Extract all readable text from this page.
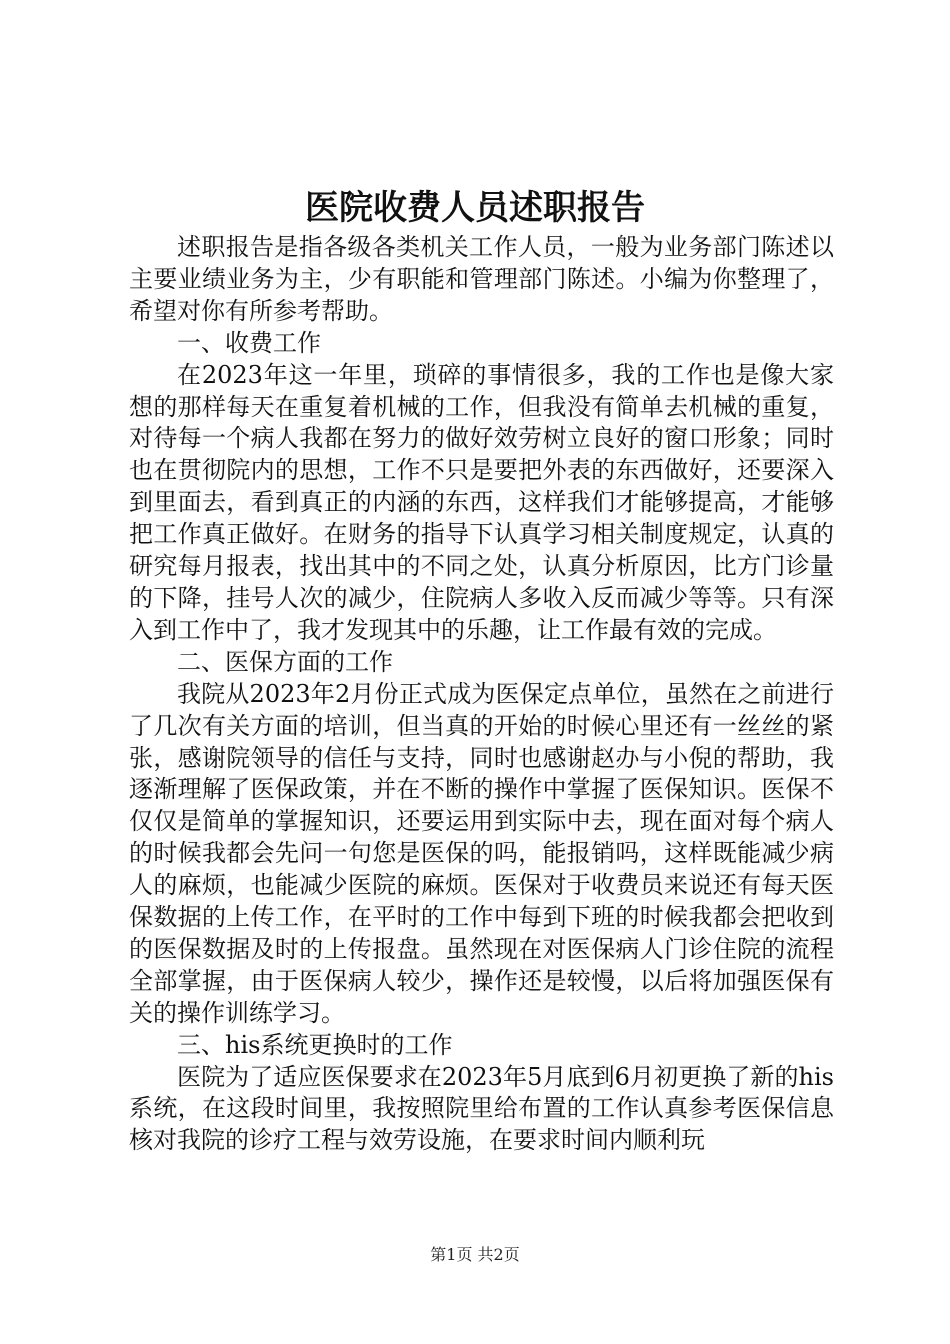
医院收费人员述职报告

述职报告是指各级各类机关工作人员，一般为业务部门陈述以主要业绩业务为主，少有职能和管理部门陈述。小编为你整理了，希望对你有所参考帮助。

一、收费工作

在2023年这一年里，琐碎的事情很多，我的工作也是像大家想的那样每天在重复着机械的工作，但我没有简单去机械的重复，对待每一个病人我都在努力的做好效劳树立良好的窗口形象；同时也在贯彻院内的思想，工作不只是要把外表的东西做好，还要深入到里面去，看到真正的内涵的东西，这样我们才能够提高，才能够把工作真正做好。在财务的指导下认真学习相关制度规定，认真的研究每月报表，找出其中的不同之处，认真分析原因，比方门诊量的下降，挂号人次的减少，住院病人多收入反而减少等等。只有深入到工作中了，我才发现其中的乐趣，让工作最有效的完成。

二、医保方面的工作

我院从2023年2月份正式成为医保定点单位，虽然在之前进行了几次有关方面的培训，但当真的开始的时候心里还有一丝丝的紧张，感谢院领导的信任与支持，同时也感谢赵办与小倪的帮助，我逐渐理解了医保政策，并在不断的操作中掌握了医保知识。医保不仅仅是简单的掌握知识，还要运用到实际中去，现在面对每个病人的时候我都会先问一句您是医保的吗，能报销吗，这样既能减少病人的麻烦，也能减少医院的麻烦。医保对于收费员来说还有每天医保数据的上传工作，在平时的工作中每到下班的时候我都会把收到的医保数据及时的上传报盘。虽然现在对医保病人门诊住院的流程全部掌握，由于医保病人较少，操作还是较慢，以后将加强医保有关的操作训练学习。

三、his系统更换时的工作

医院为了适应医保要求在2023年5月底到6月初更换了新的his系统，在这段时间里，我按照院里给布置的工作认真参考医保信息核对我院的诊疗工程与效劳设施，在要求时间内顺利玩

第1页 共2页
